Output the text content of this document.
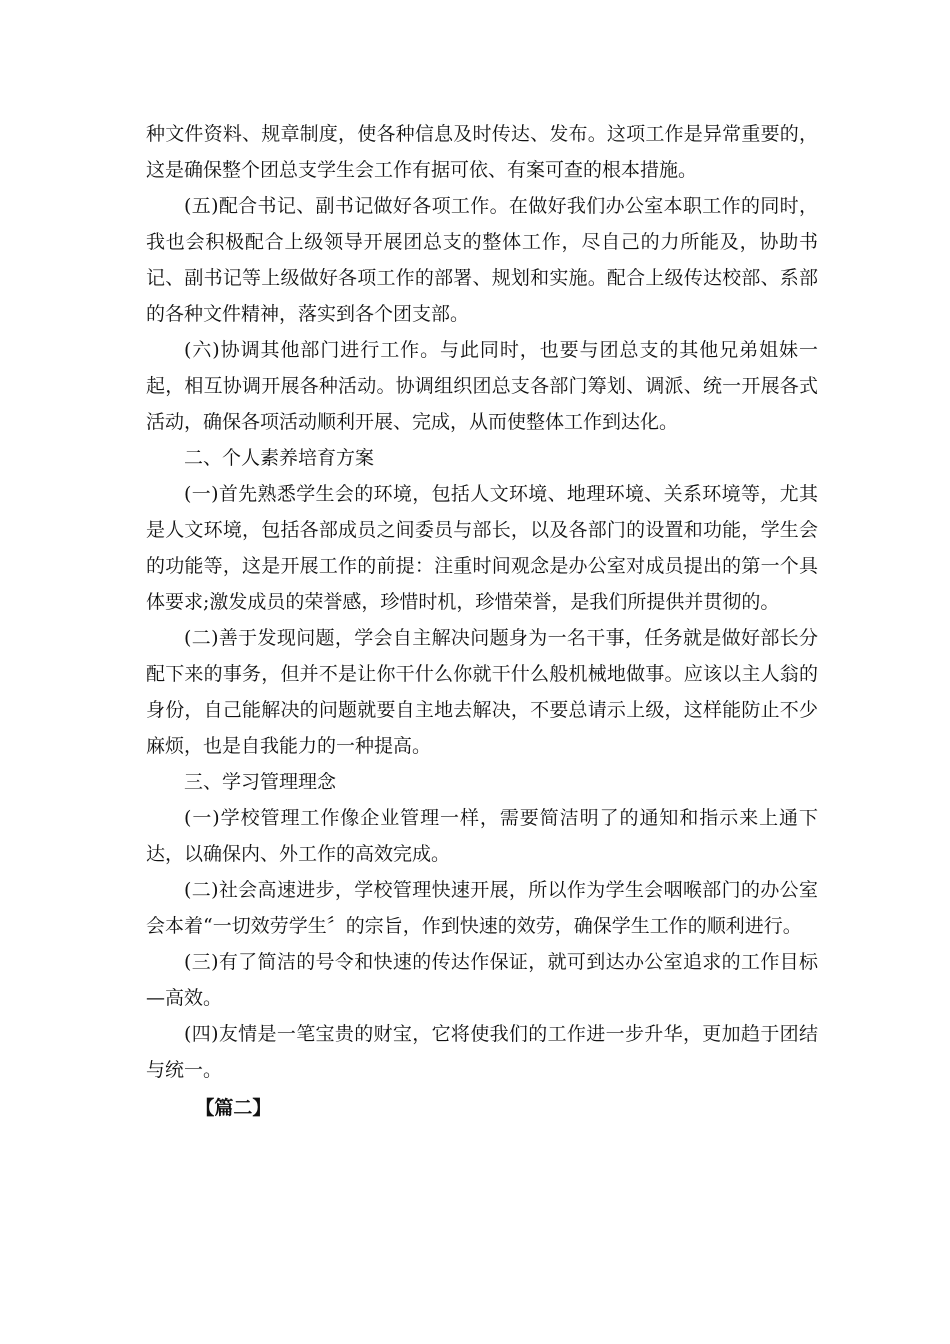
种文件资料、规章制度，使各种信息及时传达、发布。这项工作是异常重要的，这是确保整个团总支学生会工作有据可依、有案可查的根本措施。

(五)配合书记、副书记做好各项工作。在做好我们办公室本职工作的同时，我也会积极配合上级领导开展团总支的整体工作，尽自己的力所能及，协助书记、副书记等上级做好各项工作的部署、规划和实施。配合上级传达校部、系部的各种文件精神，落实到各个团支部。

(六)协调其他部门进行工作。与此同时，也要与团总支的其他兄弟姐妹一起，相互协调开展各种活动。协调组织团总支各部门筹划、调派、统一开展各式活动，确保各项活动顺利开展、完成，从而使整体工作到达化。

二、个人素养培育方案

(一)首先熟悉学生会的环境，包括人文环境、地理环境、关系环境等，尤其是人文环境，包括各部成员之间委员与部长，以及各部门的设置和功能，学生会的功能等，这是开展工作的前提：注重时间观念是办公室对成员提出的第一个具体要求;激发成员的荣誉感，珍惜时机，珍惜荣誉，是我们所提供并贯彻的。

(二)善于发现问题，学会自主解决问题身为一名干事，任务就是做好部长分配下来的事务，但并不是让你干什么你就干什么般机械地做事。应该以主人翁的身份，自己能解决的问题就要自主地去解决，不要总请示上级，这样能防止不少麻烦，也是自我能力的一种提高。

三、学习管理理念

(一)学校管理工作像企业管理一样，需要简洁明了的通知和指示来上通下达，以确保内、外工作的高效完成。

(二)社会高速进步，学校管理快速开展，所以作为学生会咽喉部门的办公室会本着“一切效劳学生〞的宗旨，作到快速的效劳，确保学生工作的顺利进行。

(三)有了简洁的号令和快速的传达作保证，就可到达办公室追求的工作目标—高效。

(四)友情是一笔宝贵的财宝，它将使我们的工作进一步升华，更加趋于团结与统一。

【篇二】
